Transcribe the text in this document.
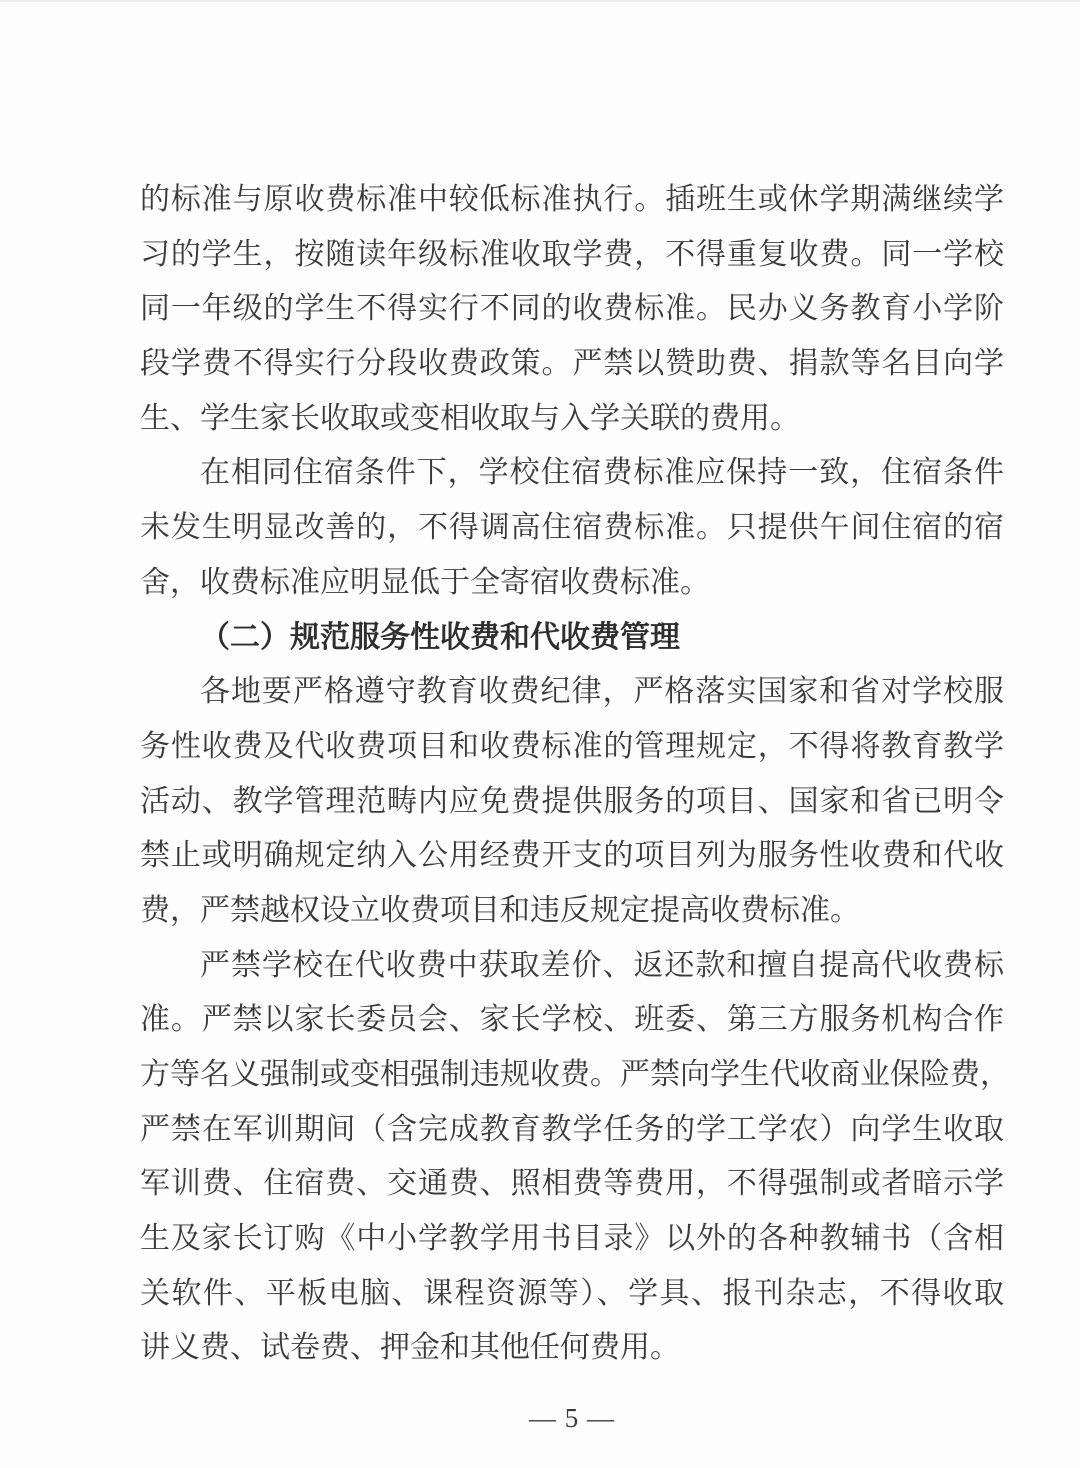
的标准与原收费标准中较低标准执行。插班生或休学期满继续学
习的学生，按随读年级标准收取学费，不得重复收费。同一学校
同一年级的学生不得实行不同的收费标准。民办义务教育小学阶
段学费不得实行分段收费政策。严禁以赞助费、捐款等名目向学
生、学生家长收取或变相收取与入学关联的费用。
在相同住宿条件下，学校住宿费标准应保持一致，住宿条件
未发生明显改善的，不得调高住宿费标准。只提供午间住宿的宿
舍，收费标准应明显低于全寄宿收费标准。
（二）规范服务性收费和代收费管理
各地要严格遵守教育收费纪律，严格落实国家和省对学校服
务性收费及代收费项目和收费标准的管理规定，不得将教育教学
活动、教学管理范畴内应免费提供服务的项目、国家和省已明令
禁止或明确规定纳入公用经费开支的项目列为服务性收费和代收
费，严禁越权设立收费项目和违反规定提高收费标准。
严禁学校在代收费中获取差价、返还款和擅自提高代收费标
准。严禁以家长委员会、家长学校、班委、第三方服务机构合作
方等名义强制或变相强制违规收费。严禁向学生代收商业保险费，
严禁在军训期间（含完成教育教学任务的学工学农）向学生收取
军训费、住宿费、交通费、照相费等费用，不得强制或者暗示学
生及家长订购《中小学教学用书目录》以外的各种教辅书（含相
关软件、平板电脑、课程资源等）、学具、报刊杂志，不得收取
讲义费、试卷费、押金和其他任何费用。
— 5 —
